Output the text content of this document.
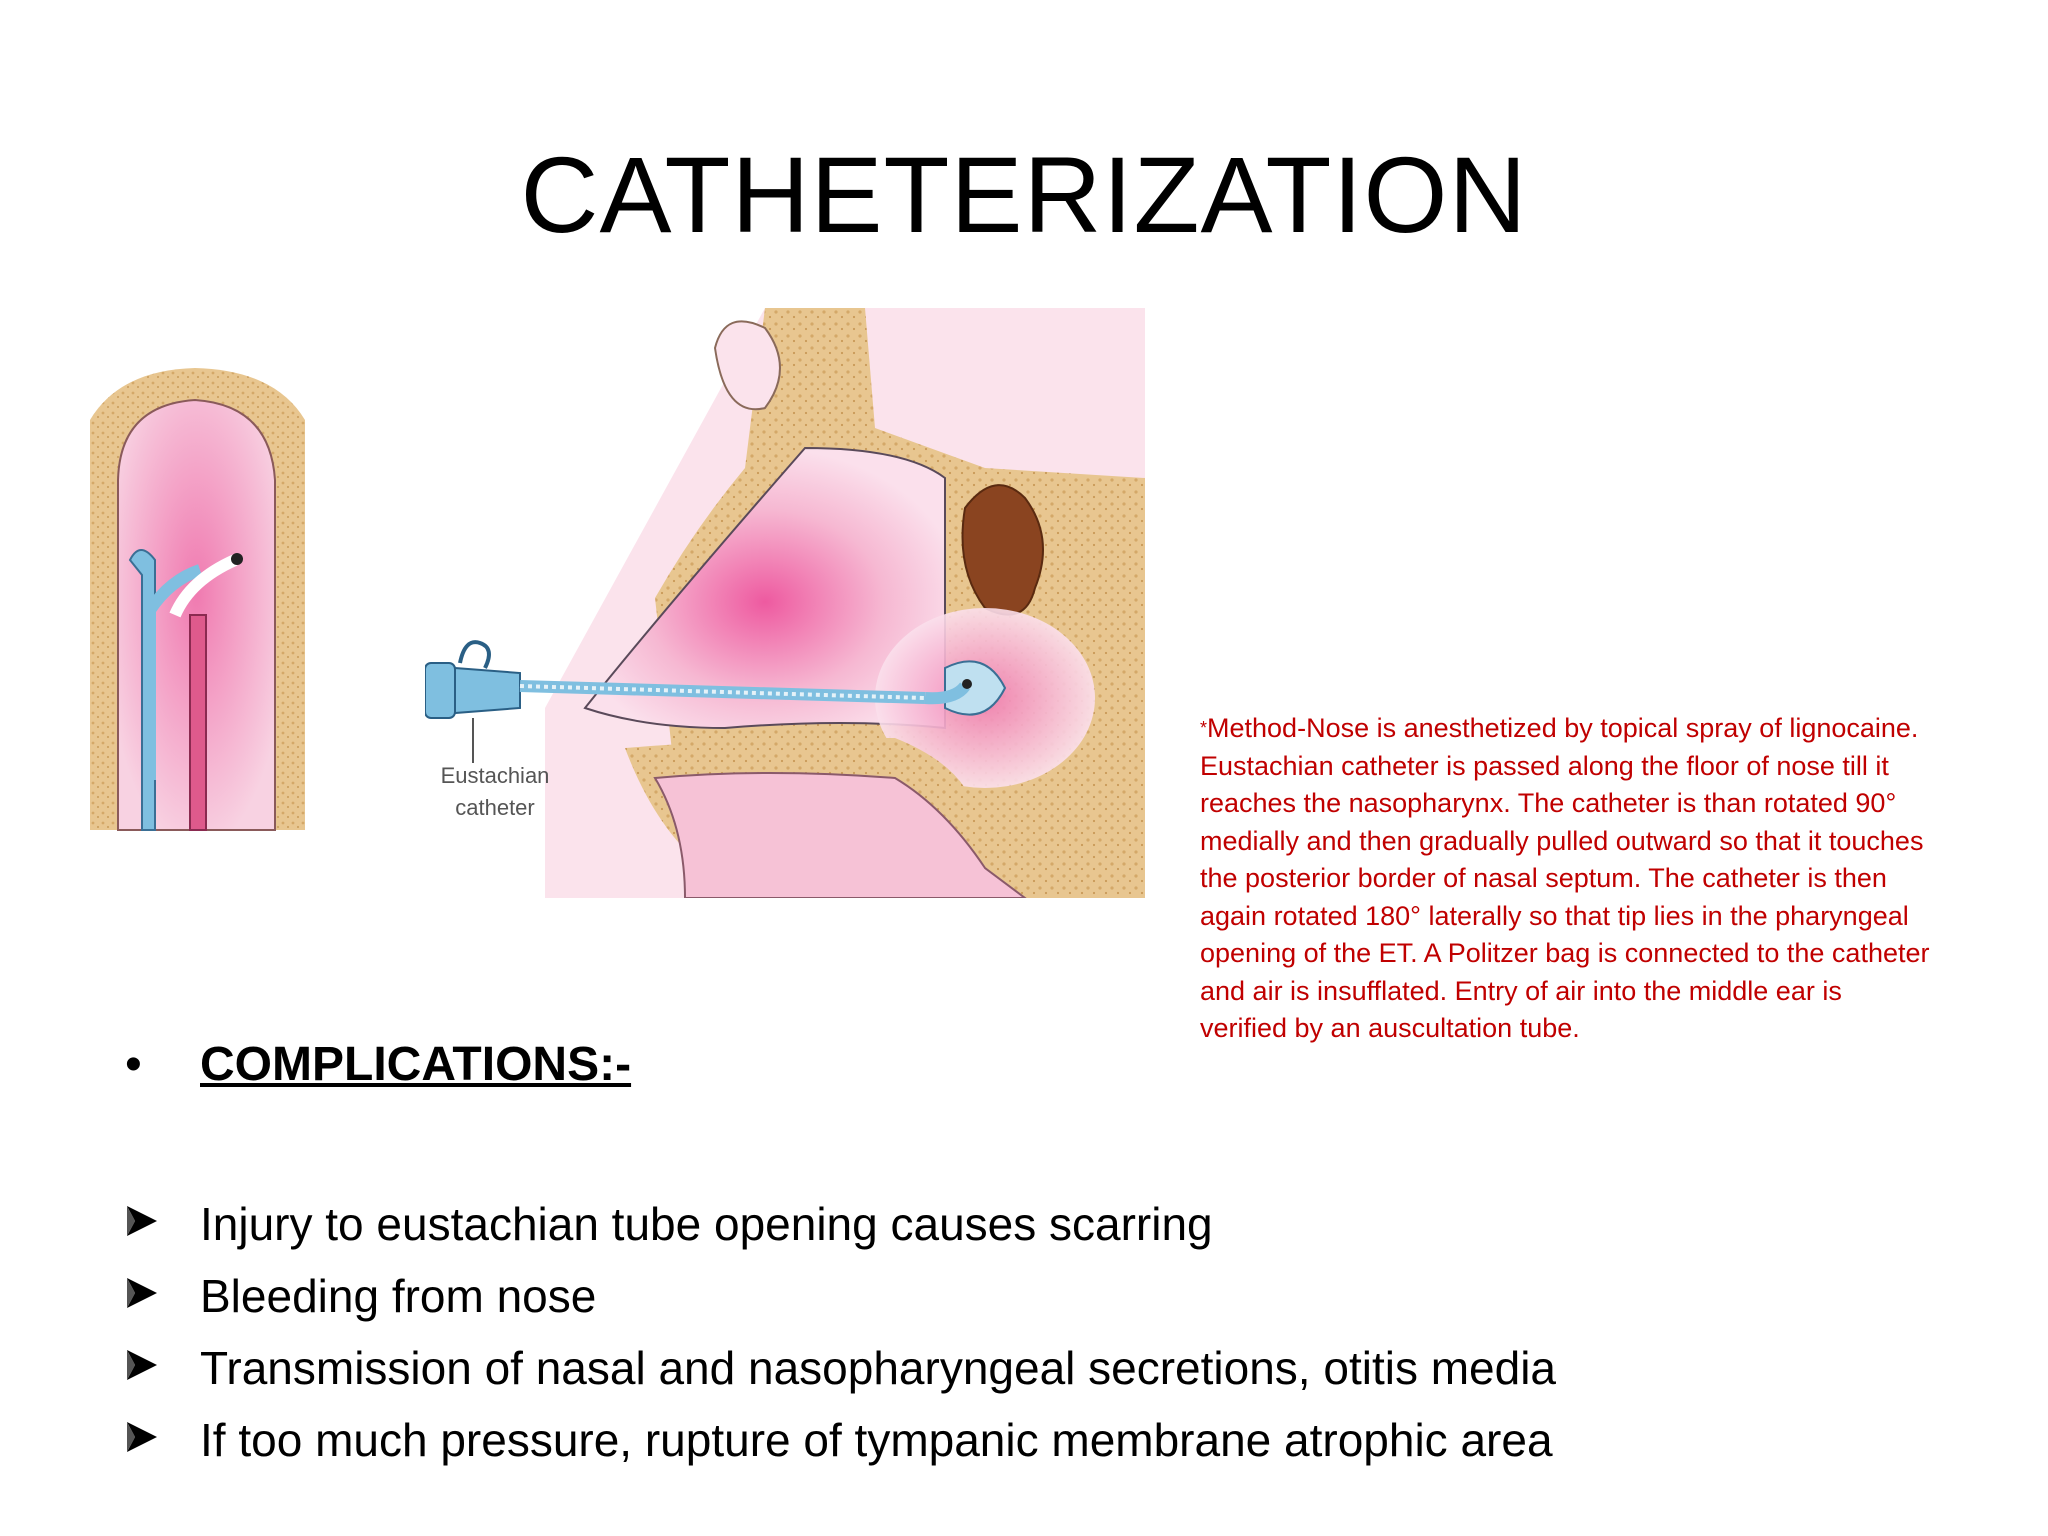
CATHETERIZATION
Eustachian
catheter

*Method-Nose is anesthetized by topical spray of lignocaine.

Eustachian catheter is passed along the floor of nose till it

reaches the nasopharynx. The catheter is than rotated 90°

medially and then gradually pulled outward so that it touches

the posterior border of nasal septum. The catheter is then

again rotated 180° laterally so that tip lies in the pharyngeal

opening of the ET. A Politzer bag is connected to the catheter

and air is insufflated. Entry of air into the middle ear is

verified by an auscultation tube.

• COMPLICATIONS:-
Injury to eustachian tube opening causes scarring
Bleeding from nose
Transmission of nasal and nasopharyngeal secretions, otitis media
If too much pressure, rupture of tympanic membrane atrophic area
